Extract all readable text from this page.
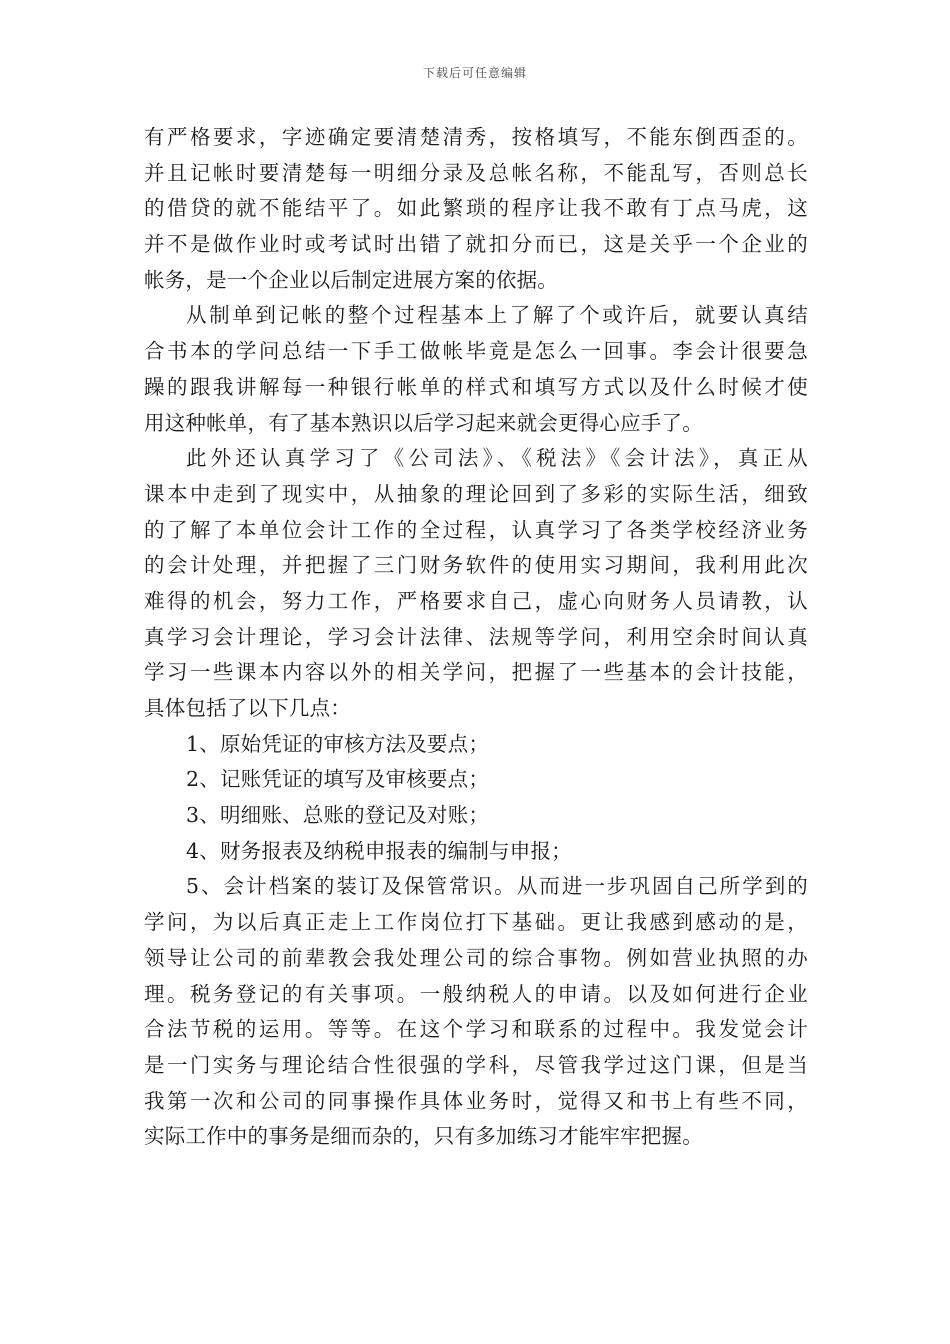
下载后可任意编辑
有严格要求，字迹确定要清楚清秀，按格填写，不能东倒西歪的。
并且记帐时要清楚每一明细分录及总帐名称，不能乱写，否则总长
的借贷的就不能结平了。如此繁琐的程序让我不敢有丁点马虎，这
并不是做作业时或考试时出错了就扣分而已，这是关乎一个企业的
帐务，是一个企业以后制定进展方案的依据。
从制单到记帐的整个过程基本上了解了个或许后，就要认真结
合书本的学问总结一下手工做帐毕竟是怎么一回事。李会计很要急
躁的跟我讲解每一种银行帐单的样式和填写方式以及什么时候才使
用这种帐单，有了基本熟识以后学习起来就会更得心应手了。
此外还认真学习了《公司法》、《税法》《会计法》，真正从
课本中走到了现实中，从抽象的理论回到了多彩的实际生活，细致
的了解了本单位会计工作的全过程，认真学习了各类学校经济业务
的会计处理，并把握了三门财务软件的使用实习期间，我利用此次
难得的机会，努力工作，严格要求自己，虚心向财务人员请教，认
真学习会计理论，学习会计法律、法规等学问，利用空余时间认真
学习一些课本内容以外的相关学问，把握了一些基本的会计技能，
具体包括了以下几点：
1、原始凭证的审核方法及要点；
2、记账凭证的填写及审核要点；
3、明细账、总账的登记及对账；
4、财务报表及纳税申报表的编制与申报；
5、会计档案的装订及保管常识。从而进一步巩固自己所学到的
学问，为以后真正走上工作岗位打下基础。更让我感到感动的是，
领导让公司的前辈教会我处理公司的综合事物。例如营业执照的办
理。税务登记的有关事项。一般纳税人的申请。以及如何进行企业
合法节税的运用。等等。在这个学习和联系的过程中。我发觉会计
是一门实务与理论结合性很强的学科，尽管我学过这门课，但是当
我第一次和公司的同事操作具体业务时，觉得又和书上有些不同，
实际工作中的事务是细而杂的，只有多加练习才能牢牢把握。
